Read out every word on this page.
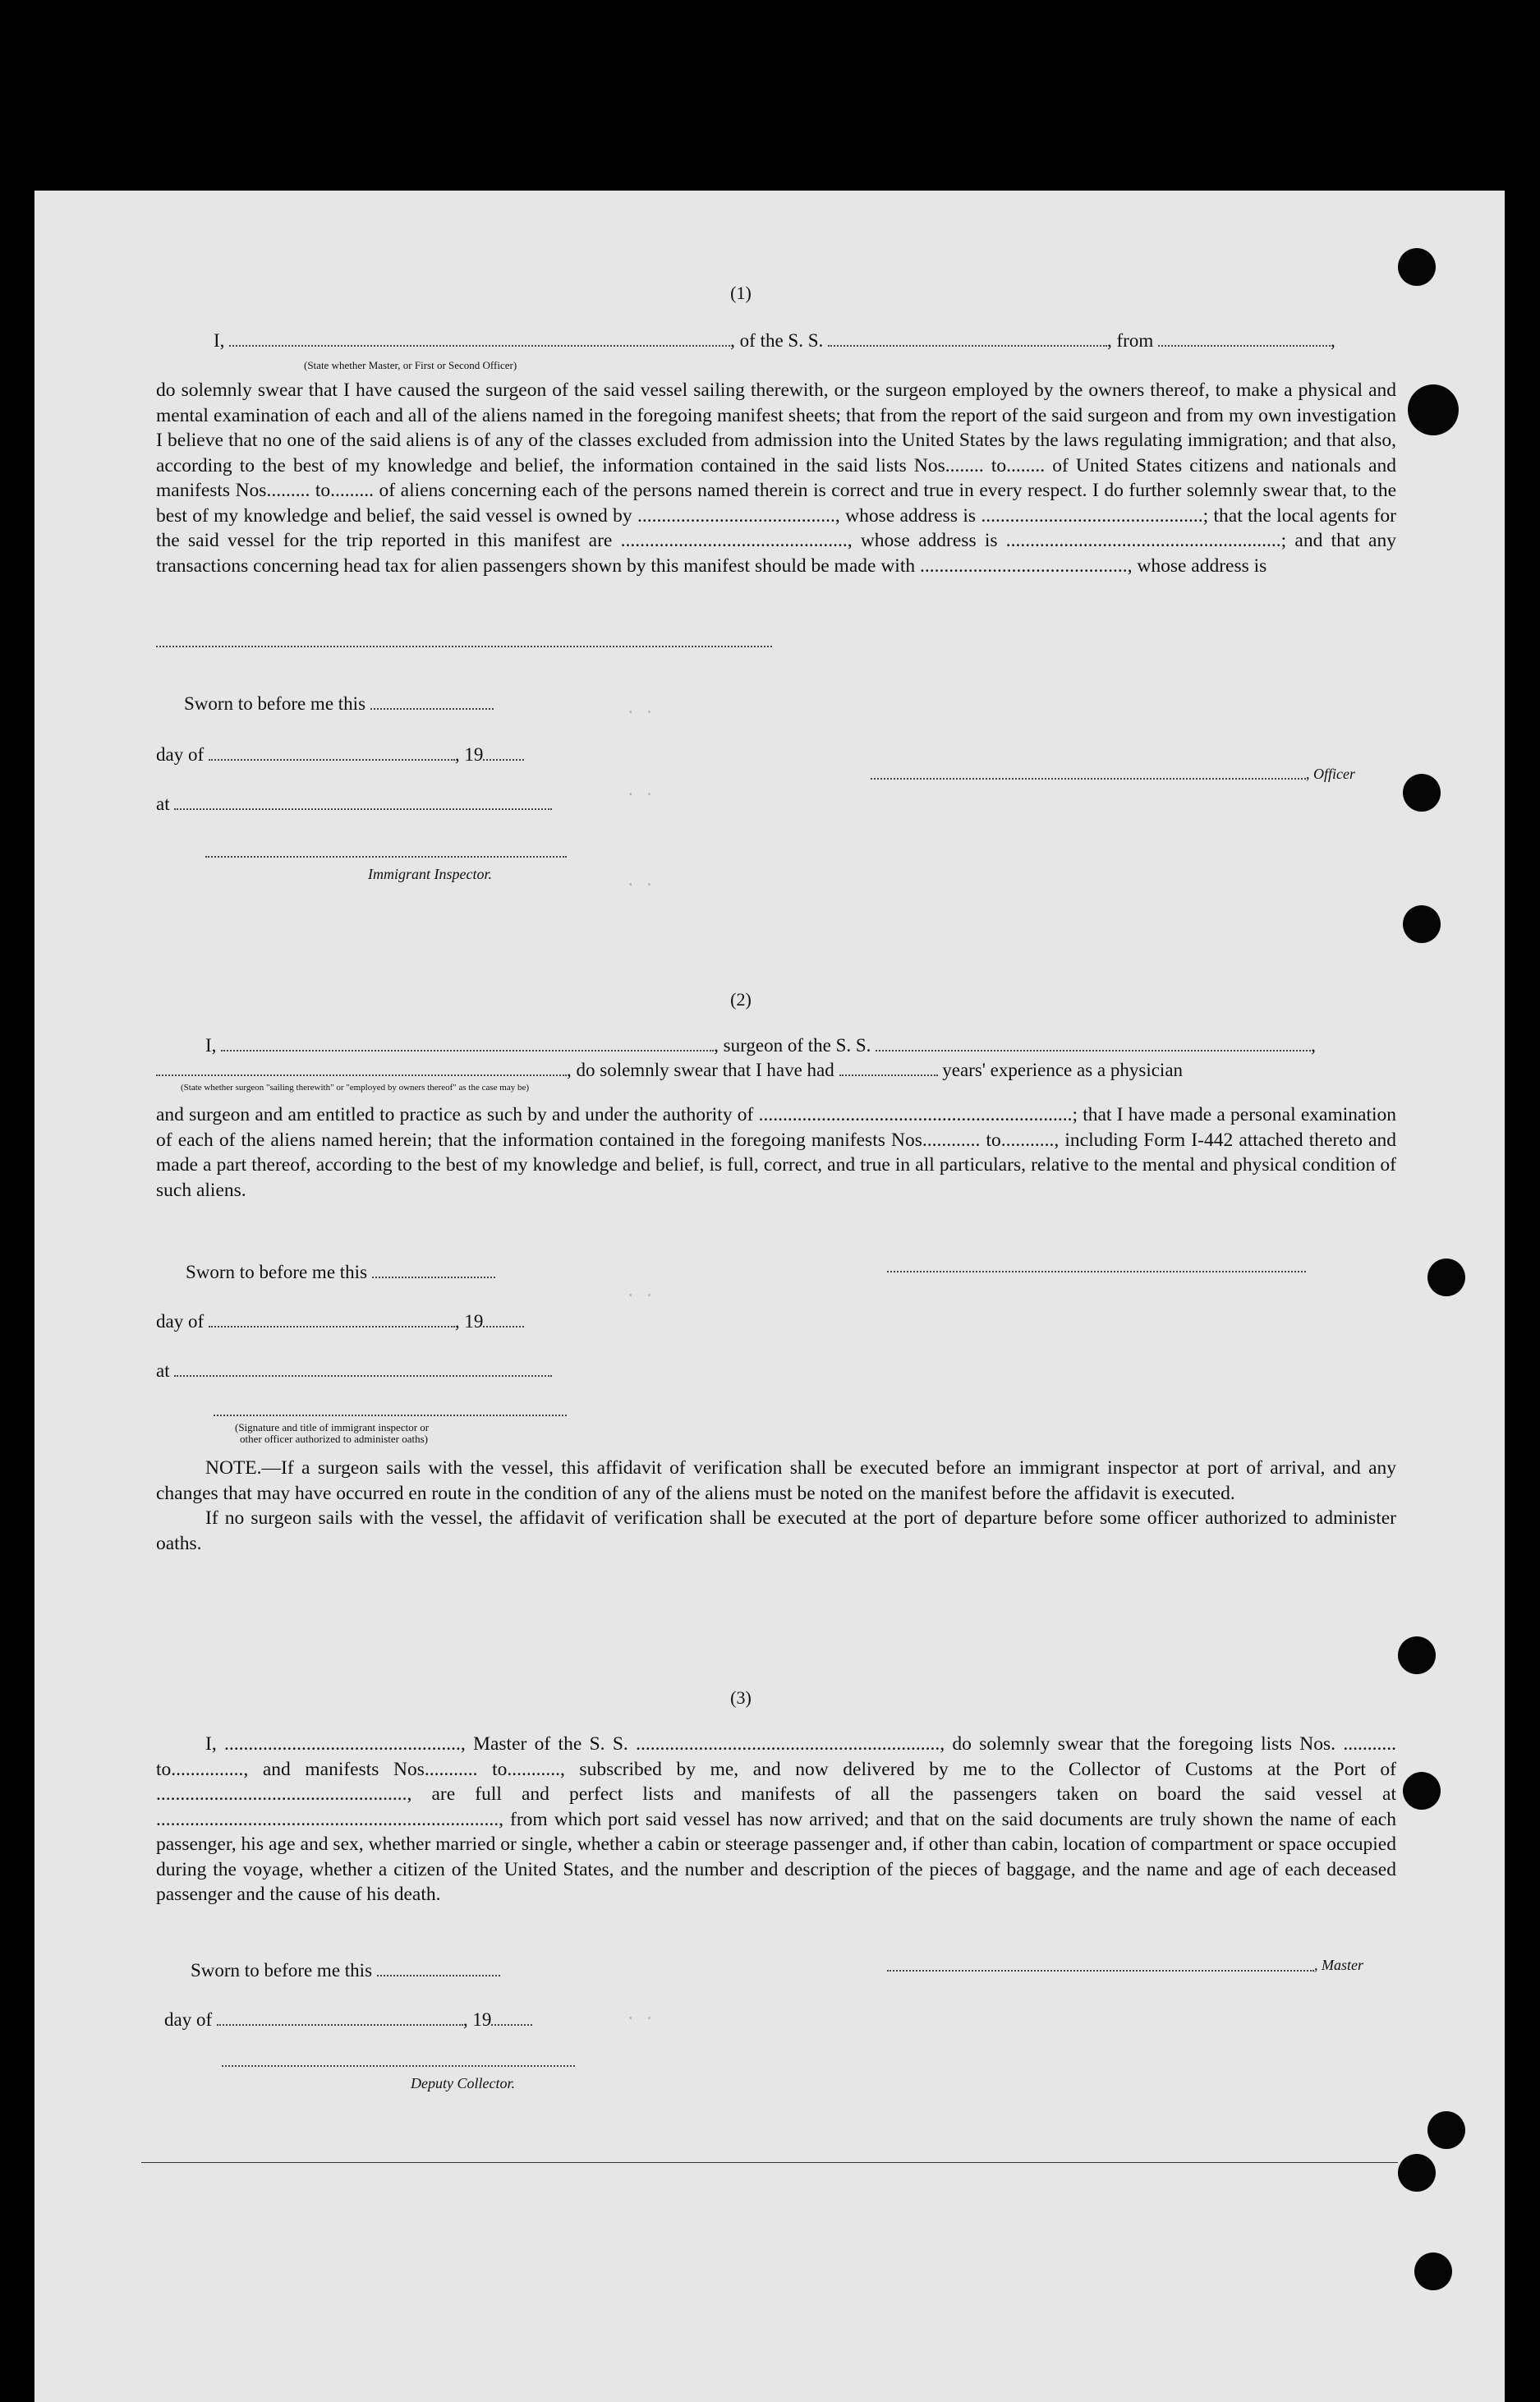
. .
. .
. .
. .
. .
(1)
I,	, of the S. S.	, from	,
(State whether Master, or First or Second Officer)

do solemnly swear that I have caused the surgeon of the said vessel sailing therewith, or the surgeon employed by the owners thereof, to make a physical and mental examination of each and all of the aliens named in the foregoing manifest sheets; that from the report of the said surgeon and from my own investigation I believe that no one of the said aliens is of any of the classes excluded from admission into the United States by the laws regulating immigration; and that also, according to the best of my knowledge and belief, the information contained in the said lists Nos........ to........ of United States citizens and nationals and manifests Nos......... to......... of aliens concerning each of the persons named therein is correct and true in every respect. I do further solemnly swear that, to the best of my knowledge and belief, the said vessel is owned by ........................................., whose address is ..............................................; that the local agents for the said vessel for the trip reported in this manifest are ..............................................., whose address is .........................................................; and that any transactions concerning head tax for alien passengers shown by this manifest should be made with ..........................................., whose address is

Sworn to before me this
day of	, 19
at
, Officer
Immigrant Inspector.
(2)
I,	, surgeon of the S. S.	,
, do solemnly swear that I have had	years' experience as a physician
(State whether surgeon "sailing therewith" or "employed by owners thereof" as the case may be)

and surgeon and am entitled to practice as such by and under the authority of .................................................................; that I have made a personal examination of each of the aliens named herein; that the information contained in the foregoing manifests Nos............ to..........., including Form I-442 attached thereto and made a part thereof, according to the best of my knowledge and belief, is full, correct, and true in all particulars, relative to the mental and physical condition of such aliens.

Sworn to before me this
day of	, 19
at
(Signature and title of immigrant inspector or
other officer authorized to administer oaths)

NOTE.—If a surgeon sails with the vessel, this affidavit of verification shall be executed before an immigrant inspector at port of arrival, and any changes that may have occurred en route in the condition of any of the aliens must be noted on the manifest before the affidavit is executed.

If no surgeon sails with the vessel, the affidavit of verification shall be executed at the port of departure before some officer authorized to administer oaths.

(3)

I, ................................................., Master of the S. S. ..............................................................., do solemnly swear that the foregoing lists Nos. ........... to..............., and manifests Nos........... to..........., subscribed by me, and now delivered by me to the Collector of Customs at the Port of ...................................................., are full and perfect lists and manifests of all the passengers taken on board the said vessel at ......................................................................., from which port said vessel has now arrived; and that on the said documents are truly shown the name of each passenger, his age and sex, whether married or single, whether a cabin or steerage passenger and, if other than cabin, location of compartment or space occupied during the voyage, whether a citizen of the United States, and the number and description of the pieces of baggage, and the name and age of each deceased passenger and the cause of his death.

Sworn to before me this	, Master
day of	, 19
Deputy Collector.
